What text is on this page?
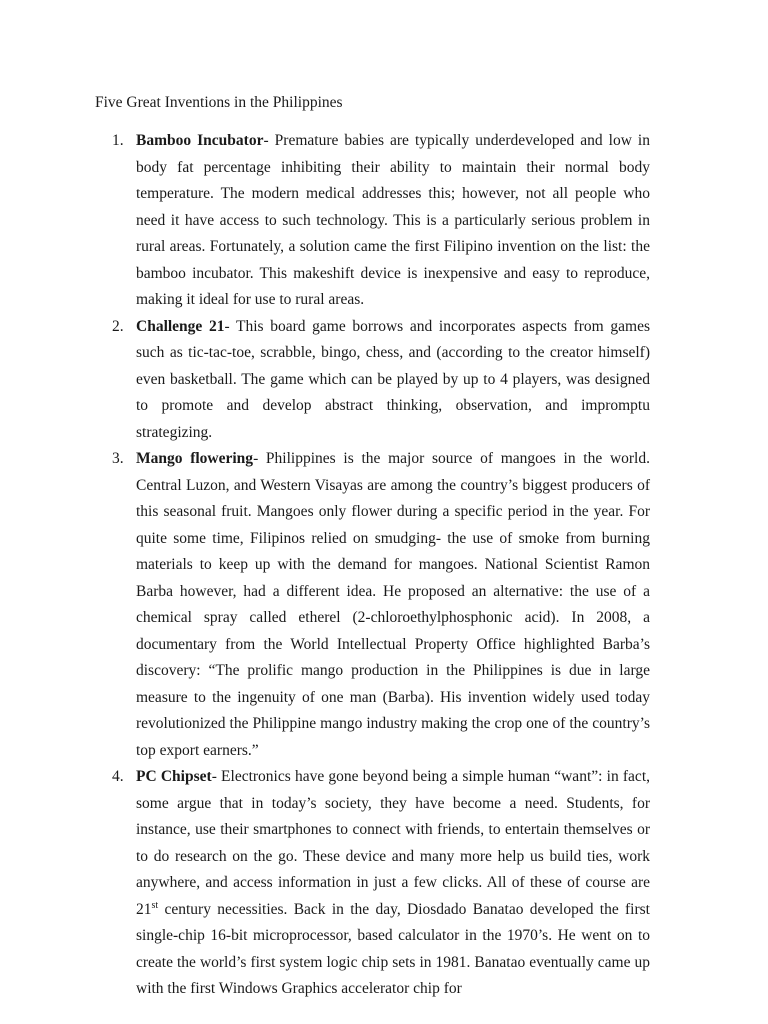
Five Great Inventions in the Philippines
1. Bamboo Incubator- Premature babies are typically underdeveloped and low in body fat percentage inhibiting their ability to maintain their normal body temperature. The modern medical addresses this; however, not all people who need it have access to such technology. This is a particularly serious problem in rural areas. Fortunately, a solution came the first Filipino invention on the list: the bamboo incubator. This makeshift device is inexpensive and easy to reproduce, making it ideal for use to rural areas.
2. Challenge 21- This board game borrows and incorporates aspects from games such as tic-tac-toe, scrabble, bingo, chess, and (according to the creator himself) even basketball. The game which can be played by up to 4 players, was designed to promote and develop abstract thinking, observation, and impromptu strategizing.
3. Mango flowering- Philippines is the major source of mangoes in the world. Central Luzon, and Western Visayas are among the country’s biggest producers of this seasonal fruit. Mangoes only flower during a specific period in the year. For quite some time, Filipinos relied on smudging- the use of smoke from burning materials to keep up with the demand for mangoes. National Scientist Ramon Barba however, had a different idea. He proposed an alternative: the use of a chemical spray called etherel (2-chloroethylphosphonic acid). In 2008, a documentary from the World Intellectual Property Office highlighted Barba’s discovery: “The prolific mango production in the Philippines is due in large measure to the ingenuity of one man (Barba). His invention widely used today revolutionized the Philippine mango industry making the crop one of the country’s top export earners.”
4. PC Chipset- Electronics have gone beyond being a simple human “want”: in fact, some argue that in today’s society, they have become a need. Students, for instance, use their smartphones to connect with friends, to entertain themselves or to do research on the go. These device and many more help us build ties, work anywhere, and access information in just a few clicks. All of these of course are 21st century necessities. Back in the day, Diosdado Banatao developed the first single-chip 16-bit microprocessor, based calculator in the 1970’s. He went on to create the world’s first system logic chip sets in 1981. Banatao eventually came up with the first Windows Graphics accelerator chip for
